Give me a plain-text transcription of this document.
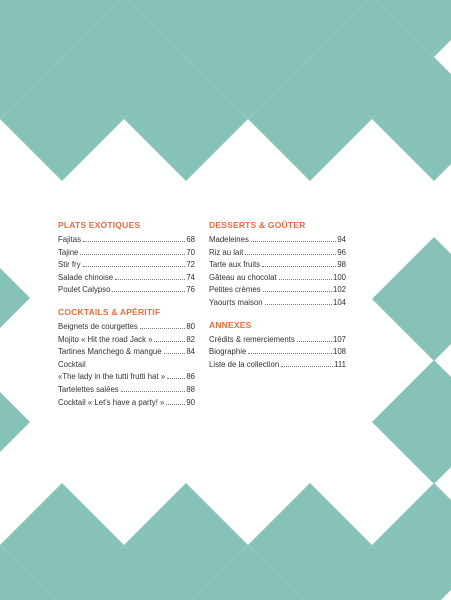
PLATS EXOTIQUES
Fajitas	68
Tajine	70
Stir fry	72
Salade chinoise	74
Poulet Calypso	76
COCKTAILS & APÉRITIF
Beignets de courgettes	80
Mojito « Hit the road Jack »	82
Tartines Manchego & mangue	84
Cocktail
«The lady in the tutti frutti hat »	86
Tartelettes salées	88
Cocktail « Let's have a party! »	90
DESSERTS & GOÛTER
Madeleines	94
Riz au lait	96
Tarte aux fruits	98
Gâteau au chocolat	100
Petites crèmes	102
Yaourts maison	104
ANNEXES
Crédits & remerciements	107
Biographie	108
Liste de la collection	111
